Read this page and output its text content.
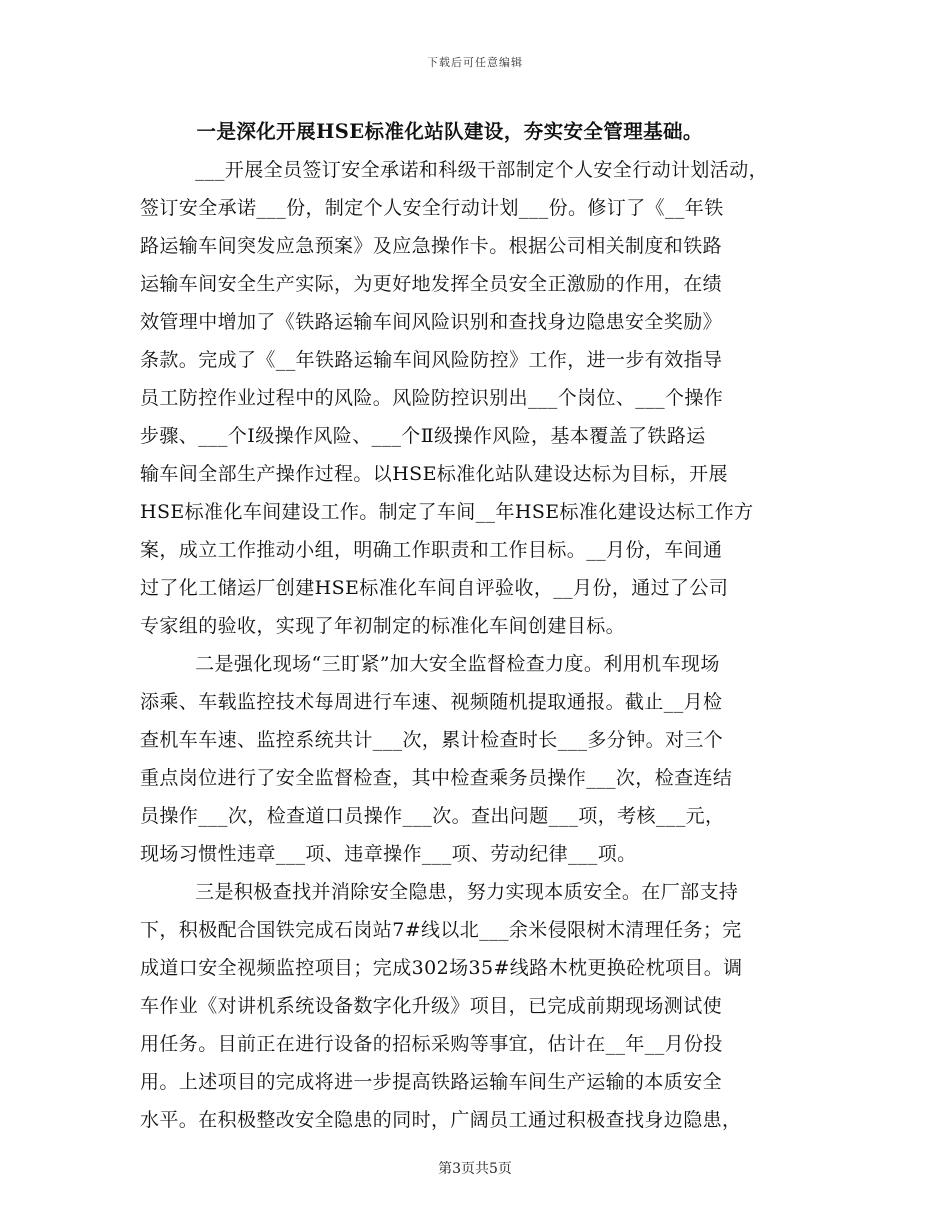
下载后可任意编辑
一是深化开展HSE标准化站队建设，夯实安全管理基础。
___开展全员签订安全承诺和科级干部制定个人安全行动计划活动，
签订安全承诺___份，制定个人安全行动计划___份。修订了《__年铁
路运输车间突发应急预案》及应急操作卡。根据公司相关制度和铁路
运输车间安全生产实际，为更好地发挥全员安全正激励的作用，在绩
效管理中增加了《铁路运输车间风险识别和查找身边隐患安全奖励》
条款。完成了《__年铁路运输车间风险防控》工作，进一步有效指导
员工防控作业过程中的风险。风险防控识别出___个岗位、___个操作
步骤、___个Ⅰ级操作风险、___个Ⅱ级操作风险，基本覆盖了铁路运
输车间全部生产操作过程。以HSE标准化站队建设达标为目标，开展
HSE标准化车间建设工作。制定了车间__年HSE标准化建设达标工作方
案，成立工作推动小组，明确工作职责和工作目标。__月份，车间通
过了化工储运厂创建HSE标准化车间自评验收，__月份，通过了公司
专家组的验收，实现了年初制定的标准化车间创建目标。
二是强化现场“三盯紧”加大安全监督检查力度。利用机车现场
添乘、车载监控技术每周进行车速、视频随机提取通报。截止__月检
查机车车速、监控系统共计___次，累计检查时长___多分钟。对三个
重点岗位进行了安全监督检查，其中检查乘务员操作___次，检查连结
员操作___次，检查道口员操作___次。查出问题___项，考核___元，
现场习惯性违章___项、违章操作___项、劳动纪律___项。
三是积极查找并消除安全隐患，努力实现本质安全。在厂部支持
下，积极配合国铁完成石岗站7#线以北___余米侵限树木清理任务；完
成道口安全视频监控项目；完成302场35#线路木枕更换砼枕项目。调
车作业《对讲机系统设备数字化升级》项目，已完成前期现场测试使
用任务。目前正在进行设备的招标采购等事宜，估计在__年__月份投
用。上述项目的完成将进一步提高铁路运输车间生产运输的本质安全
水平。在积极整改安全隐患的同时，广阔员工通过积极查找身边隐患，
第3页共5页
